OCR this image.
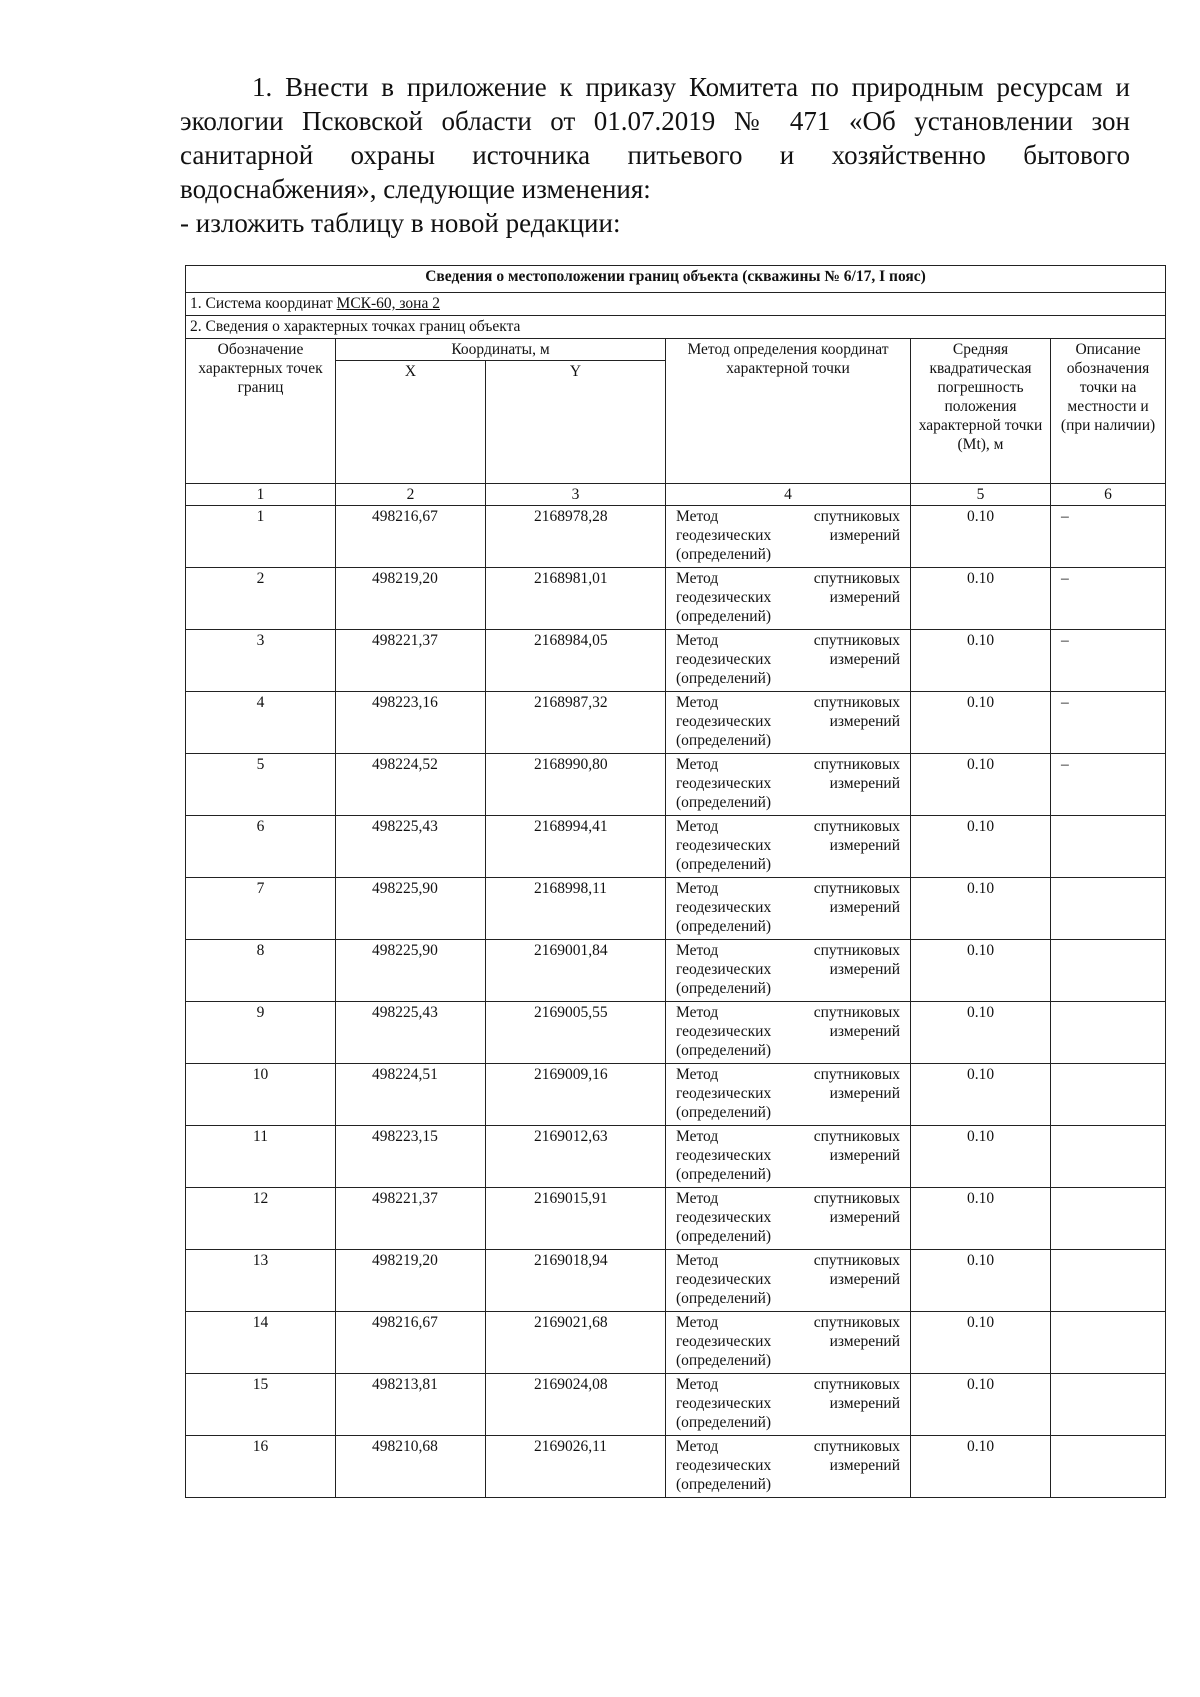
1. Внести в приложение к приказу Комитета по природным ресурсам и экологии Псковской области от 01.07.2019 № 471 «Об установлении зон санитарной охраны источника питьевого и хозяйственно бытового водоснабжения», следующие изменения:

- изложить таблицу в новой редакции:

Сведения о местоположении границ объекта (скважины № 6/17, I пояс)					
1. Система координат МСК-60, зона 2					
2. Сведения о характерных точках границ объекта					
Обозначение характерных точек границ	Координаты, м		Метод определения координат характерной точки	Средняя квадратическая погрешность положения характерной точки (Mt), м	Описание обозначения точки на местности и (при наличии)
	X	Y			
1	2	3	4	5	6
1	498216,67	2168978,28	Метод спутниковых
геодезических измерений
(определений)	0.10	–
2	498219,20	2168981,01	Метод спутниковых
геодезических измерений
(определений)	0.10	–
3	498221,37	2168984,05	Метод спутниковых
геодезических измерений
(определений)	0.10	–
4	498223,16	2168987,32	Метод спутниковых
геодезических измерений
(определений)	0.10	–
5	498224,52	2168990,80	Метод спутниковых
геодезических измерений
(определений)	0.10	–
6	498225,43	2168994,41	Метод спутниковых
геодезических измерений
(определений)	0.10	
7	498225,90	2168998,11	Метод спутниковых
геодезических измерений
(определений)	0.10	
8	498225,90	2169001,84	Метод спутниковых
геодезических измерений
(определений)	0.10	
9	498225,43	2169005,55	Метод спутниковых
геодезических измерений
(определений)	0.10	
10	498224,51	2169009,16	Метод спутниковых
геодезических измерений
(определений)	0.10	
11	498223,15	2169012,63	Метод спутниковых
геодезических измерений
(определений)	0.10	
12	498221,37	2169015,91	Метод спутниковых
геодезических измерений
(определений)	0.10	
13	498219,20	2169018,94	Метод спутниковых
геодезических измерений
(определений)	0.10	
14	498216,67	2169021,68	Метод спутниковых
геодезических измерений
(определений)	0.10	
15	498213,81	2169024,08	Метод спутниковых
геодезических измерений
(определений)	0.10	
16	498210,68	2169026,11	Метод спутниковых
геодезических измерений
(определений)	0.10	
